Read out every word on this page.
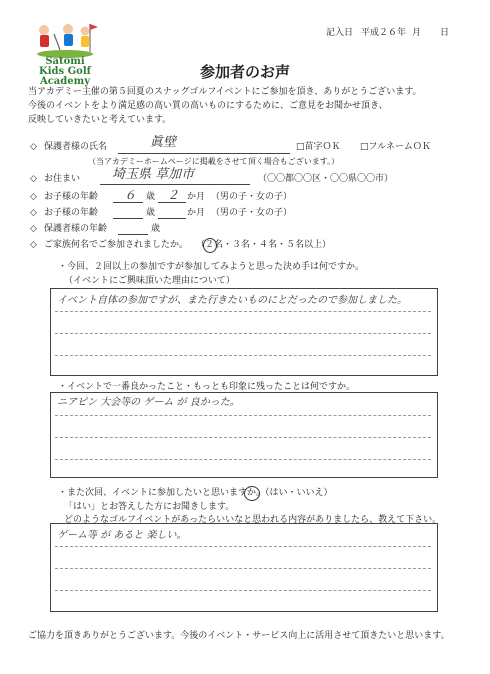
記入日 平成２６年 月 日
Satomi
Kids Golf
Academy
参加者のお声
当アカデミー主催の第５回夏のスナッグゴルフイベントにご参加を頂き、ありがとうございます。
今後のイベントをより満足感の高い質の高いものにするために、ご意見をお聞かせ頂き、
反映していきたいと考えています。
◇ 保護者様の氏名	眞壁	□苗字ＯＫ □フルネームＯＫ
（当アカデミーホームページに掲載をさせて頂く場合もございます。）
◇ お住まい 埼玉県 草加市	（〇〇都〇〇区・〇〇県〇〇市）
◇ お子様の年齢 ６ 歳 ２ か月 （男の子・女の子）
◇ お子様の年齢	歳	か月 （男の子・女の子）
◇ 保護者様の年齢	歳
◇ ご家族何名でご参加されましたか。 （２名・３名・４名・５名以上）
・今回、２回以上の参加ですが参加してみようと思った決め手は何ですか。
（イベントにご興味頂いた理由について）
イベント自体の参加ですが、また行きたいものにとだったので参加しました。
・イベントで一番良かったこと・もっとも印象に残ったことは何ですか。
ニアピン 大会等の ゲーム が 良かった。
・また次回、イベントに参加したいと思いますか。（はい・いいえ）
「はい」とお答えした方にお聞きします。
どのようなゴルフイベントがあったらいいなと思われる内容がありましたら、教えて下さい。
ゲーム等 が あると 楽しい。
ご協力を頂きありがとうございます。今後のイベント・サービス向上に活用させて頂きたいと思います。
